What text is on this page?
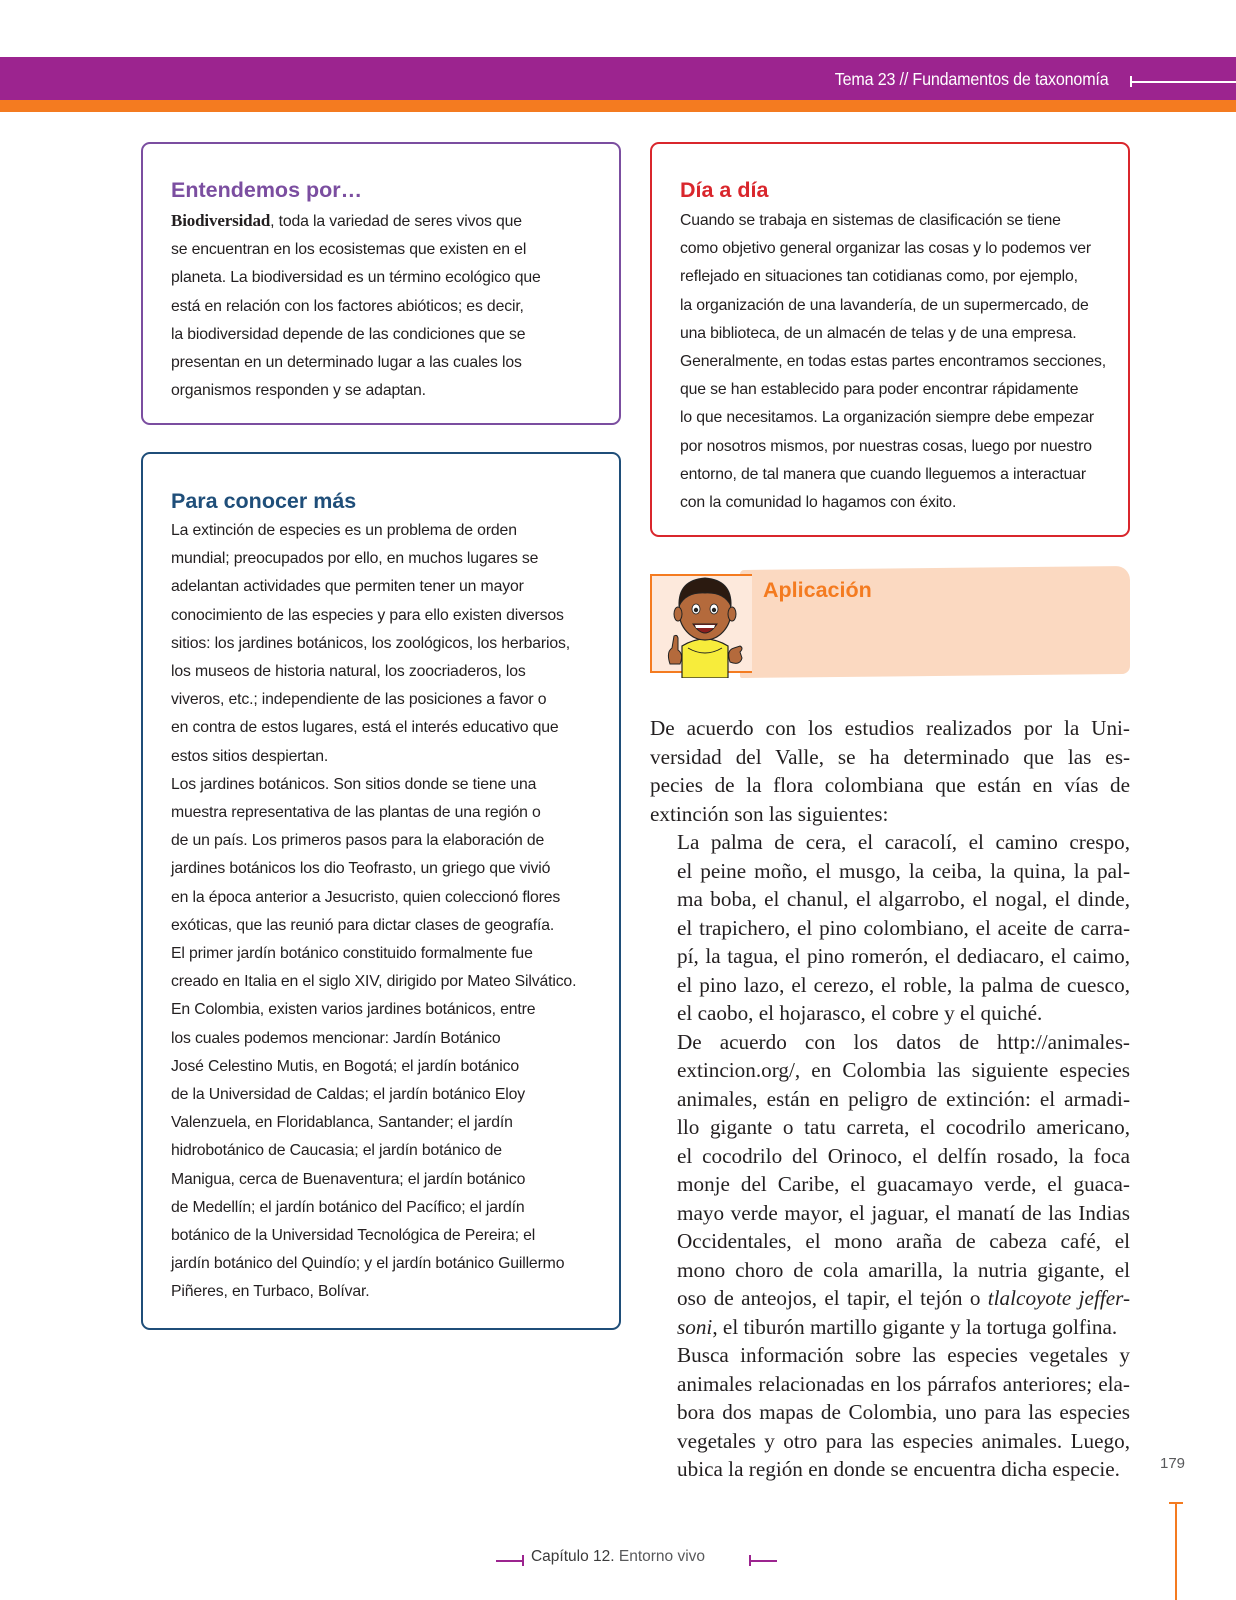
Tema 23 // Fundamentos de taxonomía
Entendemos por…
Biodiversidad, toda la variedad de seres vivos que
se encuentran en los ecosistemas que existen en el
planeta. La biodiversidad es un término ecológico que
está en relación con los factores abióticos; es decir,
la biodiversidad depende de las condiciones que se
presentan en un determinado lugar a las cuales los
organismos responden y se adaptan.
Para conocer más
La extinción de especies es un problema de orden
mundial; preocupados por ello, en muchos lugares se
adelantan actividades que permiten tener un mayor
conocimiento de las especies y para ello existen diversos
sitios: los jardines botánicos, los zoológicos, los herbarios,
los museos de historia natural, los zoocriaderos, los
viveros, etc.; independiente de las posiciones a favor o
en contra de estos lugares, está el interés educativo que
estos sitios despiertan.
Los jardines botánicos. Son sitios donde se tiene una
muestra representativa de las plantas de una región o
de un país. Los primeros pasos para la elaboración de
jardines botánicos los dio Teofrasto, un griego que vivió
en la época anterior a Jesucristo, quien coleccionó flores
exóticas, que las reunió para dictar clases de geografía.
El primer jardín botánico constituido formalmente fue
creado en Italia en el siglo XIV, dirigido por Mateo Silvático.
En Colombia, existen varios jardines botánicos, entre
los cuales podemos mencionar: Jardín Botánico
José Celestino Mutis, en Bogotá; el jardín botánico
de la Universidad de Caldas; el jardín botánico Eloy
Valenzuela, en Floridablanca, Santander; el jardín
hidrobotánico de Caucasia; el jardín botánico de
Manigua, cerca de Buenaventura; el jardín botánico
de Medellín; el jardín botánico del Pacífico; el jardín
botánico de la Universidad Tecnológica de Pereira; el
jardín botánico del Quindío; y el jardín botánico Guillermo
Piñeres, en Turbaco, Bolívar.
Día a día
Cuando se trabaja en sistemas de clasificación se tiene
como objetivo general organizar las cosas y lo podemos ver
reflejado en situaciones tan cotidianas como, por ejemplo,
la organización de una lavandería, de un supermercado, de
una biblioteca, de un almacén de telas y de una empresa.
Generalmente, en todas estas partes encontramos secciones,
que se han establecido para poder encontrar rápidamente
lo que necesitamos. La organización siempre debe empezar
por nosotros mismos, por nuestras cosas, luego por nuestro
entorno, de tal manera que cuando lleguemos a interactuar
con la comunidad lo hagamos con éxito.
Aplicación

De acuerdo con los estudios realizados por la Uni-
versidad del Valle, se ha determinado que las es-
pecies de la flora colombiana que están en vías de
extinción son las siguientes:

La palma de cera, el caracolí, el camino crespo,
el peine moño, el musgo, la ceiba, la quina, la pal-
ma boba, el chanul, el algarrobo, el nogal, el dinde,
el trapichero, el pino colombiano, el aceite de carra-
pí, la tagua, el pino romerón, el dediacaro, el caimo,
el pino lazo, el cerezo, el roble, la palma de cuesco,
el caobo, el hojarasco, el cobre y el quiché.

De acuerdo con los datos de http://animales-
extincion.org/, en Colombia las siguiente especies
animales, están en peligro de extinción: el armadi-
llo gigante o tatu carreta, el cocodrilo americano,
el cocodrilo del Orinoco, el delfín rosado, la foca
monje del Caribe, el guacamayo verde, el guaca-
mayo verde mayor, el jaguar, el manatí de las Indias
Occidentales, el mono araña de cabeza café, el
mono choro de cola amarilla, la nutria gigante, el
oso de anteojos, el tapir, el tejón o tlalcoyote jeffer-
soni, el tiburón martillo gigante y la tortuga golfina.

Busca información sobre las especies vegetales y
animales relacionadas en los párrafos anteriores; ela-
bora dos mapas de Colombia, uno para las especies
vegetales y otro para las especies animales. Luego,
ubica la región en donde se encuentra dicha especie.	179
Capítulo 12. Entorno vivo
